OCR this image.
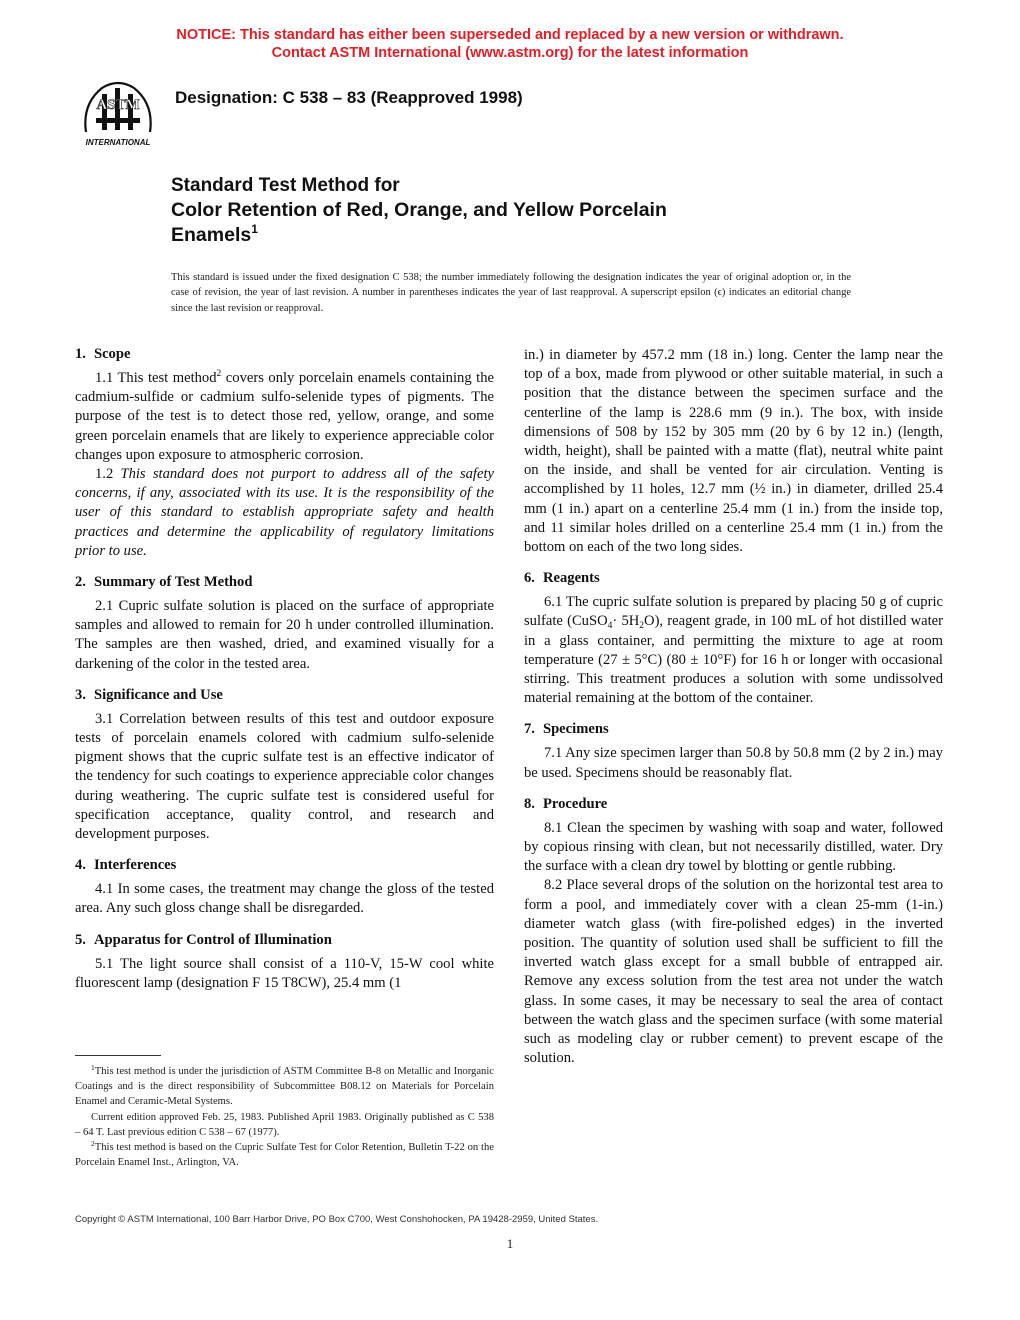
NOTICE: This standard has either been superseded and replaced by a new version or withdrawn.
Contact ASTM International (www.astm.org) for the latest information
ASTM
INTERNATIONAL
Designation: C 538 – 83 (Reapproved 1998)
Standard Test Method for
Color Retention of Red, Orange, and Yellow Porcelain
Enamels$^1$
This standard is issued under the fixed designation C 538; the number immediately following the designation indicates the year of original adoption or, in the case of revision, the year of last revision. A number in parentheses indicates the year of last reapproval. A superscript epsilon (ϵ) indicates an editorial change since the last revision or reapproval.
1. Scope

1.1 This test method$^2$ covers only porcelain enamels containing the cadmium-sulfide or cadmium sulfo-selenide types of pigments. The purpose of the test is to detect those red, yellow, orange, and some green porcelain enamels that are likely to experience appreciable color changes upon exposure to atmospheric corrosion.

1.2 This standard does not purport to address all of the safety concerns, if any, associated with its use. It is the responsibility of the user of this standard to establish appropriate safety and health practices and determine the applicability of regulatory limitations prior to use.

2. Summary of Test Method

2.1 Cupric sulfate solution is placed on the surface of appropriate samples and allowed to remain for 20 h under controlled illumination. The samples are then washed, dried, and examined visually for a darkening of the color in the tested area.

3. Significance and Use

3.1 Correlation between results of this test and outdoor exposure tests of porcelain enamels colored with cadmium sulfo-selenide pigment shows that the cupric sulfate test is an effective indicator of the tendency for such coatings to experience appreciable color changes during weathering. The cupric sulfate test is considered useful for specification acceptance, quality control, and research and development purposes.

4. Interferences

4.1 In some cases, the treatment may change the gloss of the tested area. Any such gloss change shall be disregarded.

5. Apparatus for Control of Illumination

5.1 The light source shall consist of a 110-V, 15-W cool white fluorescent lamp (designation F 15 T8CW), 25.4 mm (1

in.) in diameter by 457.2 mm (18 in.) long. Center the lamp near the top of a box, made from plywood or other suitable material, in such a position that the distance between the specimen surface and the centerline of the lamp is 228.6 mm (9 in.). The box, with inside dimensions of 508 by 152 by 305 mm (20 by 6 by 12 in.) (length, width, height), shall be painted with a matte (flat), neutral white paint on the inside, and shall be vented for air circulation. Venting is accomplished by 11 holes, 12.7 mm (½ in.) in diameter, drilled 25.4 mm (1 in.) apart on a centerline 25.4 mm (1 in.) from the inside top, and 11 similar holes drilled on a centerline 25.4 mm (1 in.) from the bottom on each of the two long sides.

6. Reagents

6.1 The cupric sulfate solution is prepared by placing 50 g of cupric sulfate (CuSO$_4$· $5H_2O$), reagent grade, in 100 mL of hot distilled water in a glass container, and permitting the mixture to age at room temperature (27 ± 5°C) (80 ± 10°F) for 16 h or longer with occasional stirring. This treatment produces a solution with some undissolved material remaining at the bottom of the container.

7. Specimens

7.1 Any size specimen larger than 50.8 by 50.8 mm (2 by 2 in.) may be used. Specimens should be reasonably flat.

8. Procedure

8.1 Clean the specimen by washing with soap and water, followed by copious rinsing with clean, but not necessarily distilled, water. Dry the surface with a clean dry towel by blotting or gentle rubbing.

8.2 Place several drops of the solution on the horizontal test area to form a pool, and immediately cover with a clean 25-mm (1-in.) diameter watch glass (with fire-polished edges) in the inverted position. The quantity of solution used shall be sufficient to fill the inverted watch glass except for a small bubble of entrapped air. Remove any excess solution from the test area not under the watch glass. In some cases, it may be necessary to seal the area of contact between the watch glass and the specimen surface (with some material such as modeling clay or rubber cement) to prevent escape of the solution.

$^1$This test method is under the jurisdiction of ASTM Committee B-8 on Metallic and Inorganic Coatings and is the direct responsibility of Subcommittee B08.12 on Materials for Porcelain Enamel and Ceramic-Metal Systems.

Current edition approved Feb. 25, 1983. Published April 1983. Originally published as C 538 – 64 T. Last previous edition C 538 – 67 (1977).

$^2$This test method is based on the Cupric Sulfate Test for Color Retention, Bulletin T-22 on the Porcelain Enamel Inst., Arlington, VA.

Copyright © ASTM International, 100 Barr Harbor Drive, PO Box C700, West Conshohocken, PA 19428-2959, United States.
1
